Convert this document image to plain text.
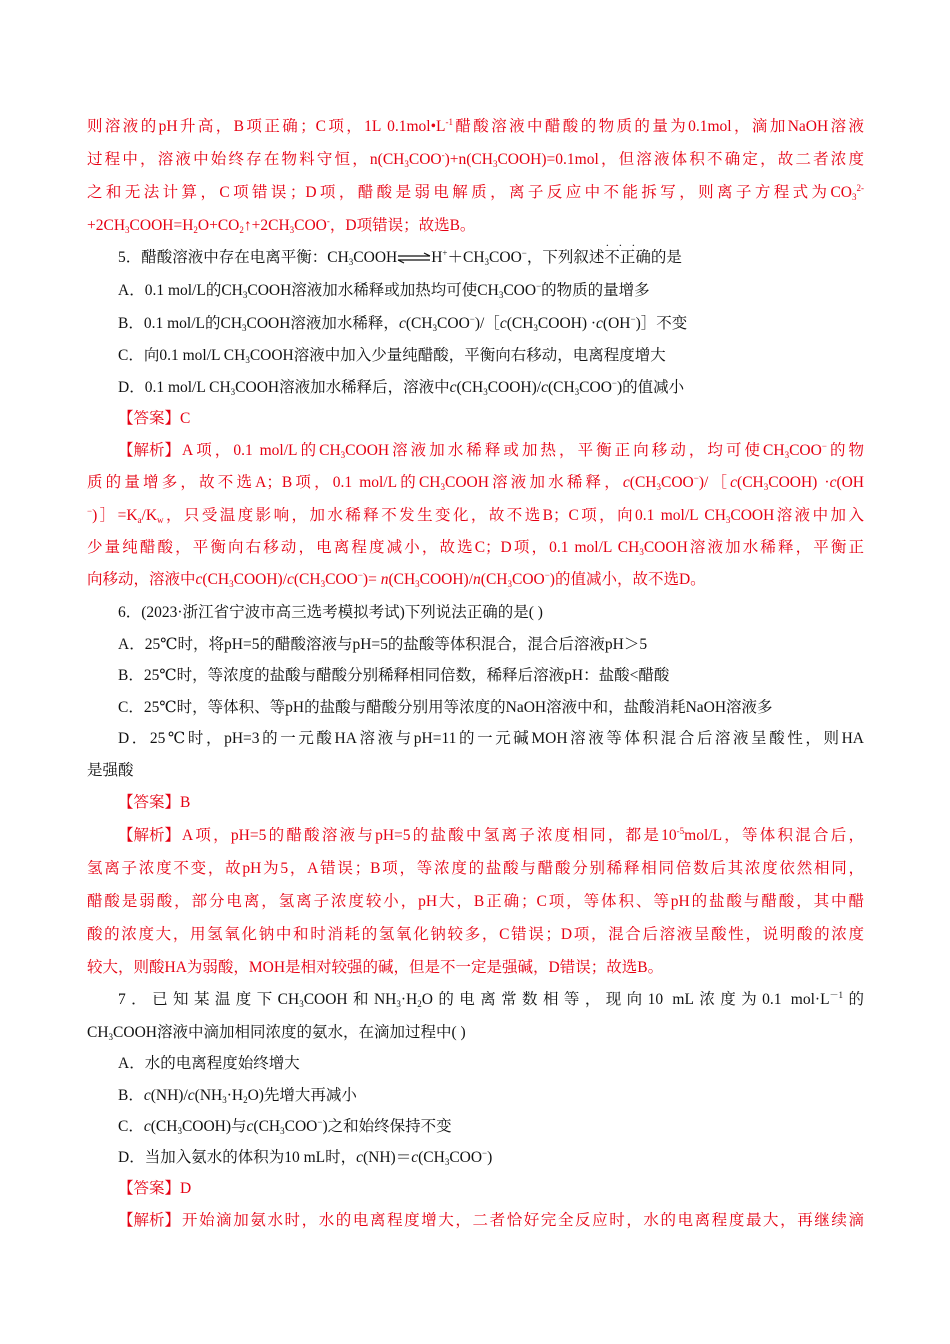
则溶液的pH升高，B项正确；C项，1L $0.1mol•L^{-1}$醋酸溶液中醋酸的物质的量为0.1mol，滴加NaOH溶液
过程中，溶液中始终存在物料守恒，$n(CH_3COO^-)+n(CH_3COOH)=0.1mol$，但溶液体积不确定，故二者浓度
之和无法计算，C项错误；D项，醋酸是弱电解质，离子反应中不能拆写，则离子方程式为$CO_3^{2-}$
$+2CH_3COOH=H_2O+CO_2↑+2CH_3COO^-$，D项错误；故选B。
5．醋酸溶液中存在电离平衡：$CH_3COOH\rightleftharpoons H^++CH_3COO^-$，下列叙述· · 不正确的是
A．0.1 mol/L的$CH_3COOH$溶液加水稀释或加热均可使$CH_3COO^-$的物质的量增多
B．0.1 mol/L的$CH_3COOH$溶液加水稀释，$c(CH_3COO^-)/[c(CH_3COOH)$ ·c(OH−)］不变
C．向0.1 mol/L $CH_3COOH$溶液中加入少量纯醋酸，平衡向右移动，电离程度增大
D．0.1 mol/L $CH_3COOH$溶液加水稀释后，溶液中$c(CH_3COOH)/c(CH_3COO^-)$的值减小
【答案】C
【解析】 A项，0.1 mol/L的$CH_3COOH$溶液加水稀释或加热，平衡正向移动，均可使$CH_3COO^-$的物
质的量增多，故不选A；B项，0.1 mol/L的$CH_3COOH$溶液加水稀释，$c(CH_3COO^-)/[c(CH_3COOH) \cdot c(OH$
$^-)]=K_a/K_w$，只受温度影响，加水稀释不发生变化，故不选B；C项，向0.1 mol/L $CH_3COOH$溶液中加入
少量纯醋酸，平衡向右移动，电离程度减小，故选C；D项，0.1 mol/L $CH_3COOH$溶液加水稀释，平衡正
向移动，溶液中$c(CH_3COOH)/c(CH_3COO^-)=$ $n(CH_3COOH)/n(CH_3COO^-)$的值减小，故不选D。
6．(2023·浙江省宁波市高三选考模拟考试)下列说法正确的是( )
A．25℃时，将pH=5的醋酸溶液与pH=5的盐酸等体积混合，混合后溶液pH＞5
B．25℃时，等浓度的盐酸与醋酸分别稀释相同倍数，稀释后溶液pH：盐酸<醋酸
C．25℃时，等体积、等pH的盐酸与醋酸分别用等浓度的NaOH溶液中和，盐酸消耗NaOH溶液多
D．25℃时，pH=3的一元酸HA溶液与pH=11的一元碱MOH溶液等体积混合后溶液呈酸性，则HA
是强酸
【答案】B
【解析】 A项，pH=5的醋酸溶液与pH=5的盐酸中氢离子浓度相同，都是$10^{-5}mol/L$，等体积混合后，
氢离子浓度不变，故pH为5，A错误；B项，等浓度的盐酸与醋酸分别稀释相同倍数后其浓度依然相同，
醋酸是弱酸，部分电离，氢离子浓度较小，pH大，B正确；C项，等体积、等pH的盐酸与醋酸，其中醋
酸的浓度大，用氢氧化钠中和时消耗的氢氧化钠较多，C错误；D项，混合后溶液呈酸性，说明酸的浓度
较大，则酸HA为弱酸，MOH是相对较强的碱，但是不一定是强碱，D错误；故选B。
7．已知某温度下$CH_3COOH$和$NH_3\cdot H_2O$的电离常数相等，现向10 mL浓度为0.1 $mol\cdot L^{-1}$的
$CH_3COOH$溶液中滴加相同浓度的氨水，在滴加过程中( )
A．水的电离程度始终增大
B．$c(NH)/c(NH_3\cdot H_2O)$先增大再减小
C．$c(CH_3COOH)$与$c(CH_3COO^-)$之和始终保持不变
D．当加入氨水的体积为10 mL时，$c(NH)=c(CH_3COO^-)$
【答案】D
【解析】 开始滴加氨水时，水的电离程度增大，二者恰好完全反应时，水的电离程度最大，再继续滴
